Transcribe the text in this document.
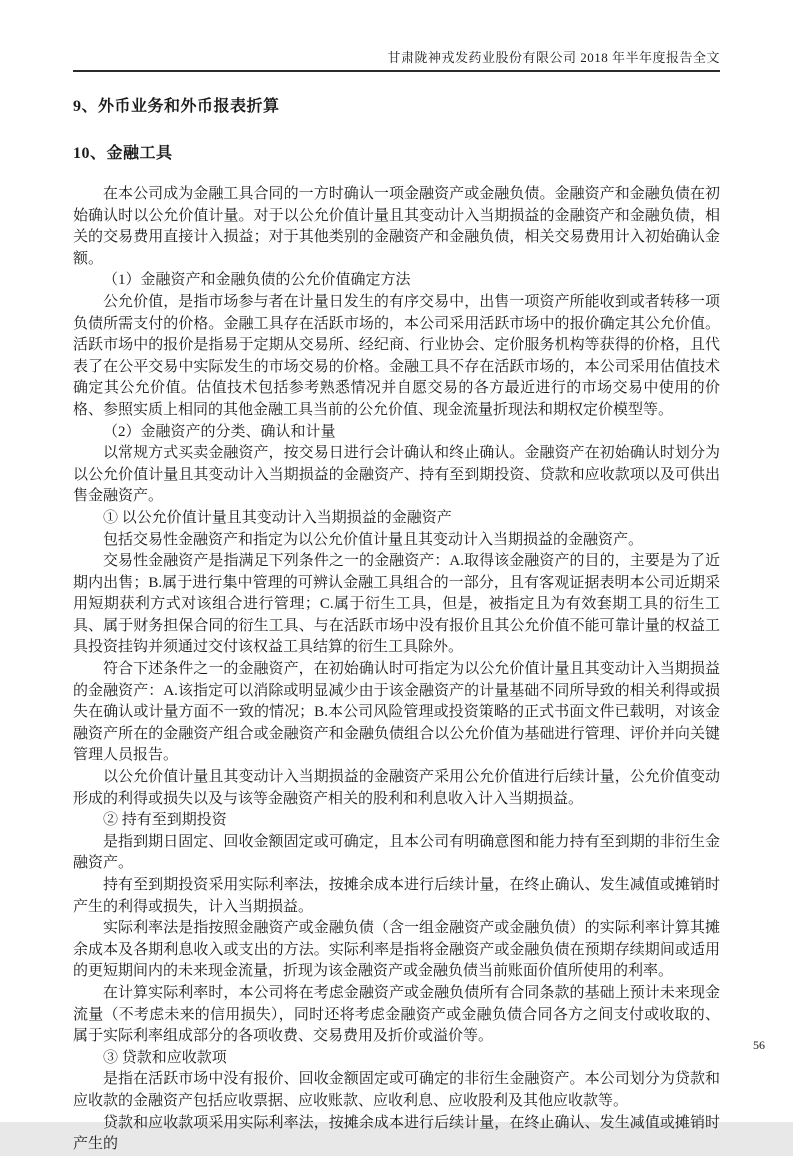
甘肃陇神戎发药业股份有限公司 2018 年半年度报告全文
9、外币业务和外币报表折算
10、金融工具

在本公司成为金融工具合同的一方时确认一项金融资产或金融负债。金融资产和金融负债在初始确认时以公允价值计量。对于以公允价值计量且其变动计入当期损益的金融资产和金融负债，相关的交易费用直接计入损益；对于其他类别的金融资产和金融负债，相关交易费用计入初始确认金额。

（1）金融资产和金融负债的公允价值确定方法

公允价值，是指市场参与者在计量日发生的有序交易中，出售一项资产所能收到或者转移一项负债所需支付的价格。金融工具存在活跃市场的，本公司采用活跃市场中的报价确定其公允价值。活跃市场中的报价是指易于定期从交易所、经纪商、行业协会、定价服务机构等获得的价格，且代表了在公平交易中实际发生的市场交易的价格。金融工具不存在活跃市场的，本公司采用估值技术确定其公允价值。估值技术包括参考熟悉情况并自愿交易的各方最近进行的市场交易中使用的价格、参照实质上相同的其他金融工具当前的公允价值、现金流量折现法和期权定价模型等。

（2）金融资产的分类、确认和计量

以常规方式买卖金融资产，按交易日进行会计确认和终止确认。金融资产在初始确认时划分为以公允价值计量且其变动计入当期损益的金融资产、持有至到期投资、贷款和应收款项以及可供出售金融资产。

① 以公允价值计量且其变动计入当期损益的金融资产

包括交易性金融资产和指定为以公允价值计量且其变动计入当期损益的金融资产。

交易性金融资产是指满足下列条件之一的金融资产：A.取得该金融资产的目的，主要是为了近期内出售；B.属于进行集中管理的可辨认金融工具组合的一部分，且有客观证据表明本公司近期采用短期获利方式对该组合进行管理；C.属于衍生工具，但是，被指定且为有效套期工具的衍生工具、属于财务担保合同的衍生工具、与在活跃市场中没有报价且其公允价值不能可靠计量的权益工具投资挂钩并须通过交付该权益工具结算的衍生工具除外。

符合下述条件之一的金融资产，在初始确认时可指定为以公允价值计量且其变动计入当期损益的金融资产：A.该指定可以消除或明显减少由于该金融资产的计量基础不同所导致的相关利得或损失在确认或计量方面不一致的情况；B.本公司风险管理或投资策略的正式书面文件已载明，对该金融资产所在的金融资产组合或金融资产和金融负债组合以公允价值为基础进行管理、评价并向关键管理人员报告。

以公允价值计量且其变动计入当期损益的金融资产采用公允价值进行后续计量，公允价值变动形成的利得或损失以及与该等金融资产相关的股利和利息收入计入当期损益。

② 持有至到期投资

是指到期日固定、回收金额固定或可确定，且本公司有明确意图和能力持有至到期的非衍生金融资产。

持有至到期投资采用实际利率法，按摊余成本进行后续计量，在终止确认、发生减值或摊销时产生的利得或损失，计入当期损益。

实际利率法是指按照金融资产或金融负债（含一组金融资产或金融负债）的实际利率计算其摊余成本及各期利息收入或支出的方法。实际利率是指将金融资产或金融负债在预期存续期间或适用的更短期间内的未来现金流量，折现为该金融资产或金融负债当前账面价值所使用的利率。

在计算实际利率时，本公司将在考虑金融资产或金融负债所有合同条款的基础上预计未来现金流量（不考虑未来的信用损失），同时还将考虑金融资产或金融负债合同各方之间支付或收取的、属于实际利率组成部分的各项收费、交易费用及折价或溢价等。

③ 贷款和应收款项

是指在活跃市场中没有报价、回收金额固定或可确定的非衍生金融资产。本公司划分为贷款和应收款的金融资产包括应收票据、应收账款、应收利息、应收股利及其他应收款等。

贷款和应收款项采用实际利率法，按摊余成本进行后续计量，在终止确认、发生减值或摊销时产生的

56
